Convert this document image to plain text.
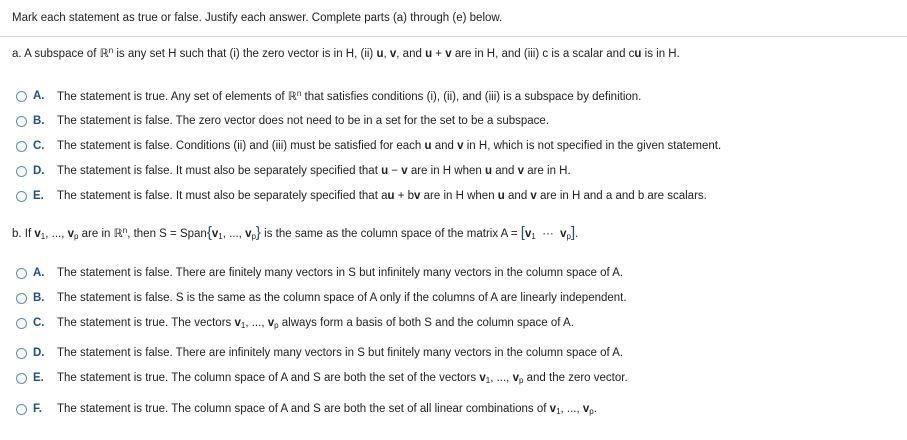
Mark each statement as true or false. Justify each answer. Complete parts (a) through (e) below.
a. A subspace of ℝ$^n$ is any set H such that (i) the zero vector is in H, (ii) u, v, and u + v are in H, and (iii) c is a scalar and cu is in H.
A.	The statement is true. Any set of elements of ℝ$^n$ that satisfies conditions (i), (ii), and (iii) is a subspace by definition.
B.	The statement is false. The zero vector does not need to be in a set for the set to be a subspace.
C.	The statement is false. Conditions (ii) and (iii) must be satisfied for each u and v in H, which is not specified in the given statement.
D.	The statement is false. It must also be separately specified that u − v are in H when u and v are in H.
E.	The statement is false. It must also be separately specified that au + bv are in H when u and v are in H and a and b are scalars.
b. If $v_1$, ..., $v_p$ are in ℝ$^n$, then $S = Span\{v_1$, ..., $v_p$} is the same as the column space of the matrix $A = [v_1$ ··· $v_p$].
A.	The statement is false. There are finitely many vectors in S but infinitely many vectors in the column space of A.
B.	The statement is false. S is the same as the column space of A only if the columns of A are linearly independent.
C.	The statement is true. The vectors $v_1$, ..., $v_p$ always form a basis of both S and the column space of A.
D.	The statement is false. There are infinitely many vectors in S but finitely many vectors in the column space of A.
E.	The statement is true. The column space of A and S are both the set of the vectors $v_1$, ..., $v_p$ and the zero vector.
F.	The statement is true. The column space of A and S are both the set of all linear combinations of $v_1$, ..., $v_p$.
